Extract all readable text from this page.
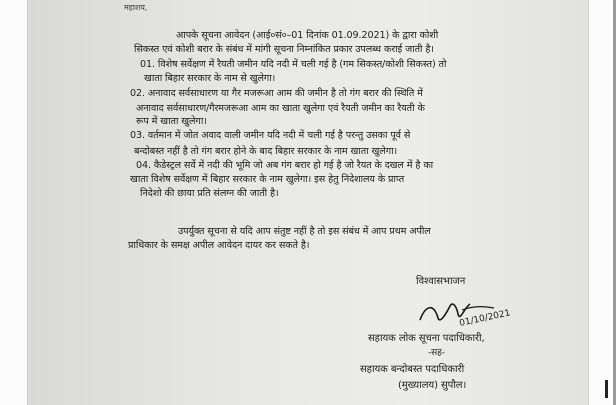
महाशय,
आपके सूचना आवेदन (आई०सं०–01 दिनांक 01.09.2021) के द्वारा कोशी
सिकस्त एवं कोशी बरार के संबंध में मांगी सूचना निम्नांकित प्रकार उपलब्ध कराई जाती है।
01. विशेष सर्वेक्षण में रैयती जमीन यदि नदी में चली गई है (गम सिकस्त/कोशी सिकस्त) तो
खाता बिहार सरकार के नाम से खुलेगा।
02. अनावाद सर्वसाधारण या गैर मजरूआ आम की जमीन है तो गंग बरार की स्थिति में
अनावाद सर्वसाधारण/गैरमजरूआ आम का खाता खुलेगा एवं रैयती जमीन का रैयती के
रूप में खाता खुलेगा।
03. वर्तमान में जोत अवाद वाली जमीन यदि नदी में चली गई है परन्तु उसका पूर्व से
बन्दोबस्त नहीं है तो गंग बरार होने के बाद बिहार सरकार के नाम खाता खुलेगा।
04. कैडेस्ट्रल सर्वे में नदी की भूमि जो अब गंग बरार हो गई है जो रैयत के दखल में है का
खाता विशेष सर्वेक्षण में बिहार सरकार के नाम खुलेगा। इस हेतु निदेशालय के प्राप्त
निदेशो की छाया प्रति संलग्न की जाती है।
उपर्युक्त सूचना से यदि आप संतुष्ट नहीं है तो इस संबंध में आप प्रथम अपील
प्राधिकार के समक्ष अपील आवेदन दायर कर सकते है।
विश्वासभाजन
01/10/2021
सहायक लोक सूचना पदाधिकारी,
-सह-
सहायक बन्दोबस्त पदाधिकारी
(मुख्यालय) सुपौल।
